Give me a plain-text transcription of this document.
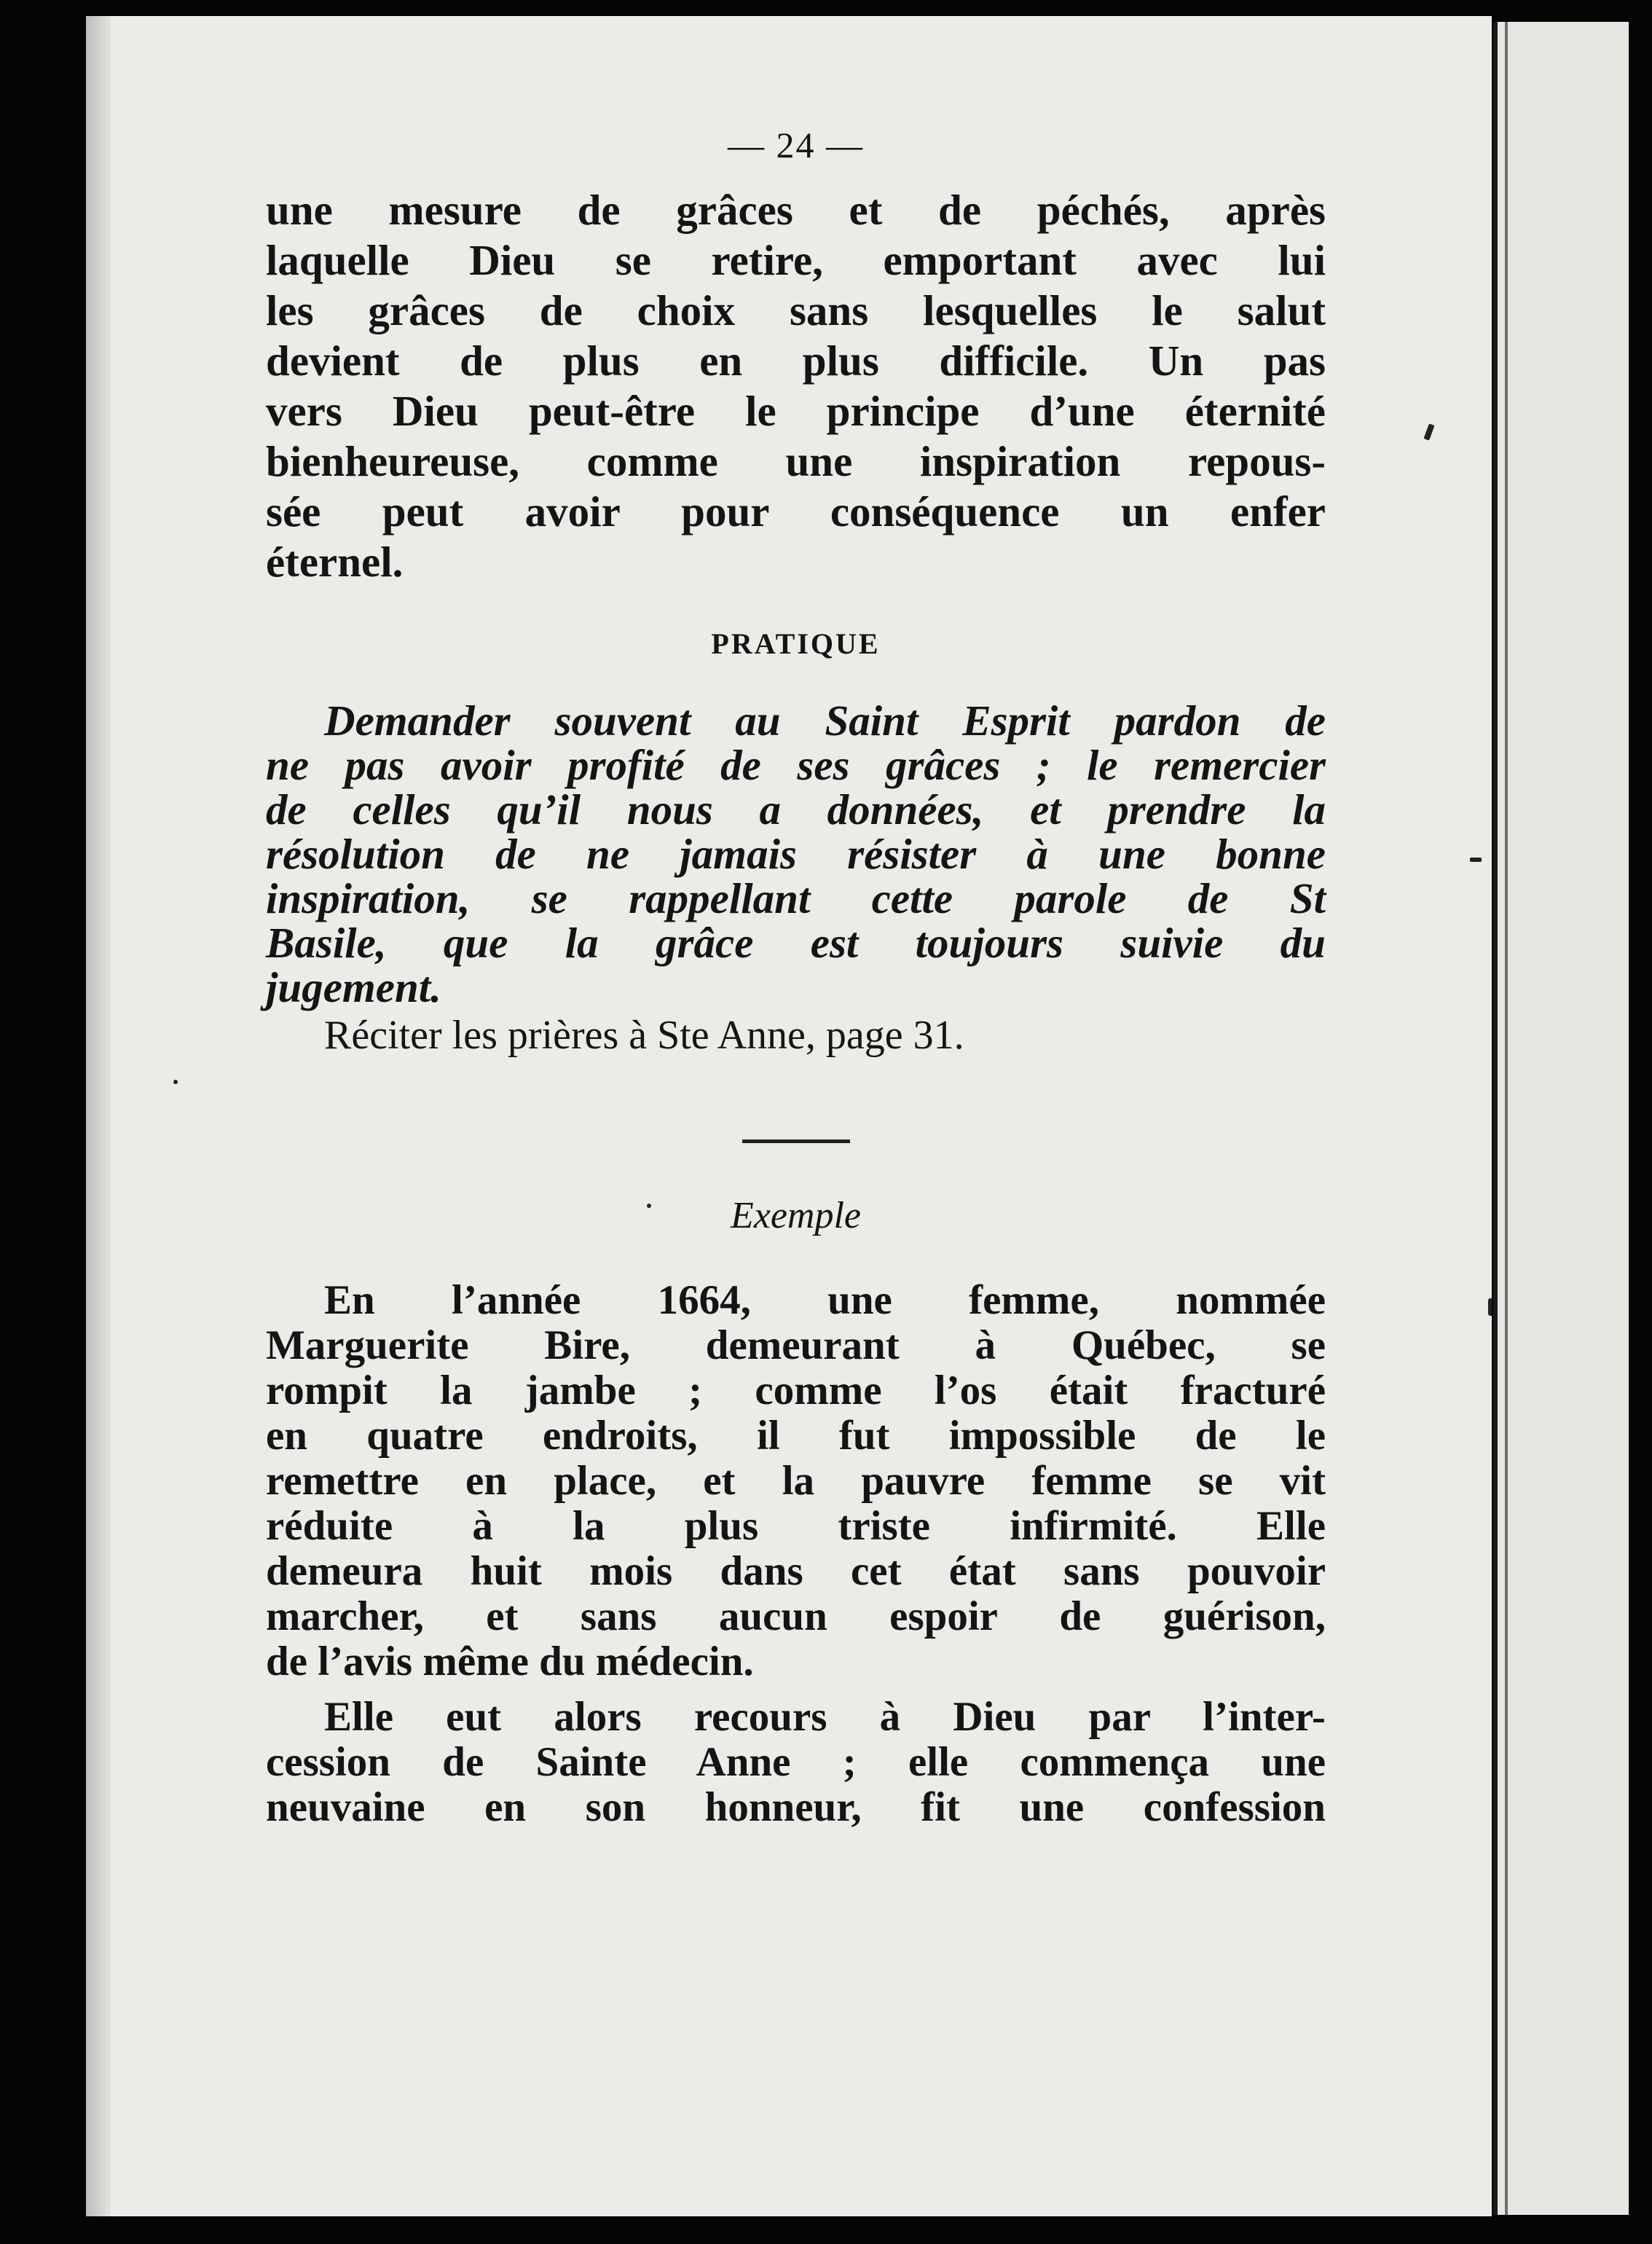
— 24 —
une mesure de grâces et de péchés, après
laquelle Dieu se retire, emportant avec lui
les grâces de choix sans lesquelles le salut
devient de plus en plus difficile. Un pas
vers Dieu peut-être le principe d’une éternité
bienheureuse, comme une inspiration repous-
sée peut avoir pour conséquence un enfer
éternel.
PRATIQUE
Demander souvent au Saint Esprit pardon de
ne pas avoir profité de ses grâces ; le remercier
de celles qu’il nous a données, et prendre la
résolution de ne jamais résister à une bonne
inspiration, se rappellant cette parole de St
Basile, que la grâce est toujours suivie du
jugement.
Réciter les prières à Ste Anne, page 31.
Exemple
En l’année 1664, une femme, nommée
Marguerite Bire, demeurant à Québec, se
rompit la jambe ; comme l’os était fracturé
en quatre endroits, il fut impossible de le
remettre en place, et la pauvre femme se vit
réduite à la plus triste infirmité. Elle
demeura huit mois dans cet état sans pouvoir
marcher, et sans aucun espoir de guérison,
de l’avis même du médecin.
Elle eut alors recours à Dieu par l’inter-
cession de Sainte Anne ; elle commença une
neuvaine en son honneur, fit une confession
